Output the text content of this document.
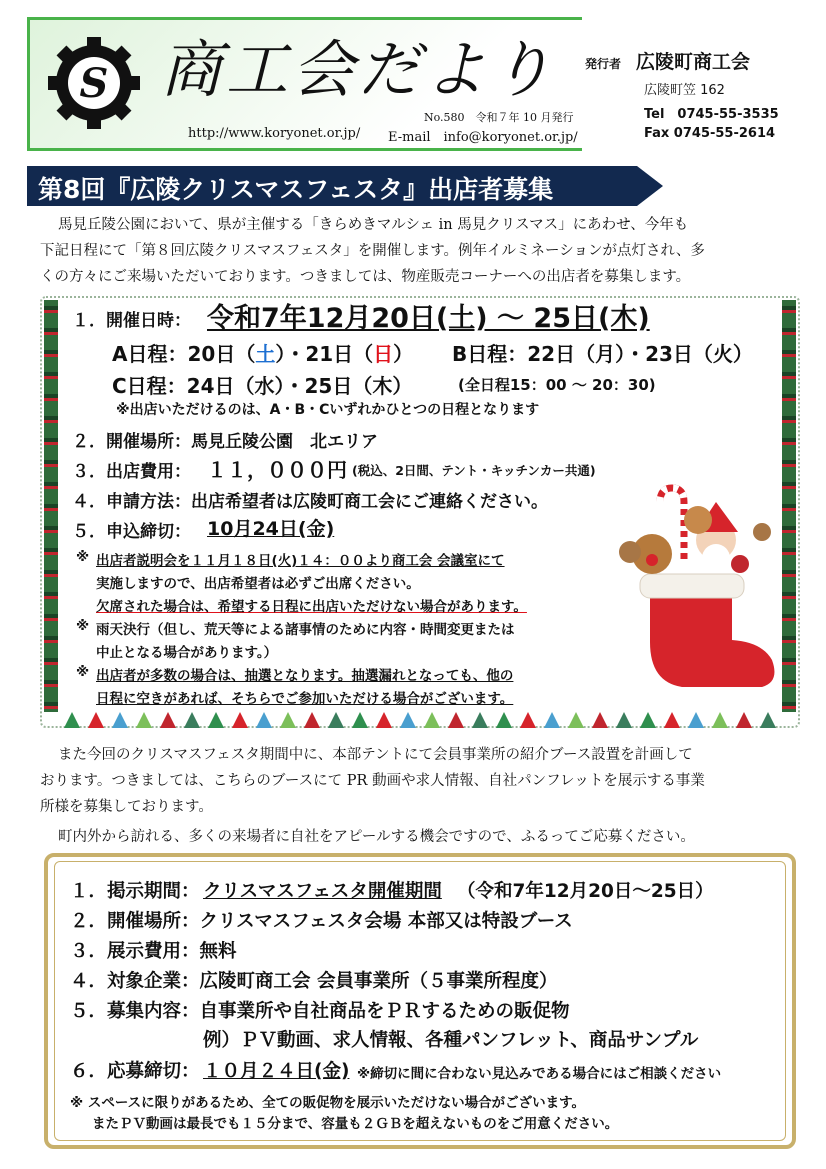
S 商工会だより
No.580　令和７年 10 月発行
http://www.koryonet.or.jp/ E-mail　info@koryonet.or.jp/
発行者 広陵町商工会
広陵町笠 162
Tel　0745-55-3535
Fax 0745-55-2614
第8回『広陵クリスマスフェスタ』出店者募集
馬見丘陵公園において、県が主催する「きらめきマルシェ in 馬見クリスマス」にあわせ、今年も
下記日程にて「第８回広陵クリスマスフェスタ」を開催します。例年イルミネーションが点灯され、多
くの方々にご来場いただいております。つきましては、物産販売コーナーへの出店者を募集します。
１．開催日時： 令和7年12月20日(土) ～ 25日(木)
A日程：20日（土）・21日（日） B日程：22日（月）・23日（火）
C日程：24日（水）・25日（木）	(全日程15：00 ～ 20：30)
※出店いただけるのは、A・B・Cいずれかひとつの日程となります
２．開催場所：馬見丘陵公園　北エリア
３．出店費用： １１，０００円 (税込、2日間、テント・キッチンカー共通)
４．申請方法：出店希望者は広陵町商工会にご連絡ください。
５．申込締切： 10月24日(金)
※ 出店者説明会を１１月１８日(火)１４：００より商工会 会議室にて
実施しますので、出店希望者は必ずご出席ください。
欠席された場合は、希望する日程に出店いただけない場合があります。
※ 雨天決行（但し、荒天等による諸事情のために内容・時間変更または
中止となる場合があります。）
※ 出店者が多数の場合は、抽選となります。抽選漏れとなっても、他の
日程に空きがあれば、そちらでご参加いただける場合がございます。
また今回のクリスマスフェスタ期間中に、本部テントにて会員事業所の紹介ブース設置を計画して
おります。つきましては、こちらのブースにて PR 動画や求人情報、自社パンフレットを展示する事業
所様を募集しております。
町内外から訪れる、多くの来場者に自社をアピールする機会ですので、ふるってご応募ください。
１．掲示期間： クリスマスフェスタ開催期間 （令和7年12月20日～25日）
２．開催場所：クリスマスフェスタ会場 本部又は特設ブース
３．展示費用：無料
４．対象企業：広陵町商工会 会員事業所（５事業所程度）
５．募集内容：自事業所や自社商品をＰＲするための販促物
例）ＰＶ動画、求人情報、各種パンフレット、商品サンプル
６．応募締切： １０月２４日(金) ※締切に間に合わない見込みである場合にはご相談ください
※ スペースに限りがあるため、全ての販促物を展示いただけない場合がございます。
またＰＶ動画は最長でも１５分まで、容量も２ＧＢを超えないものをご用意ください。
